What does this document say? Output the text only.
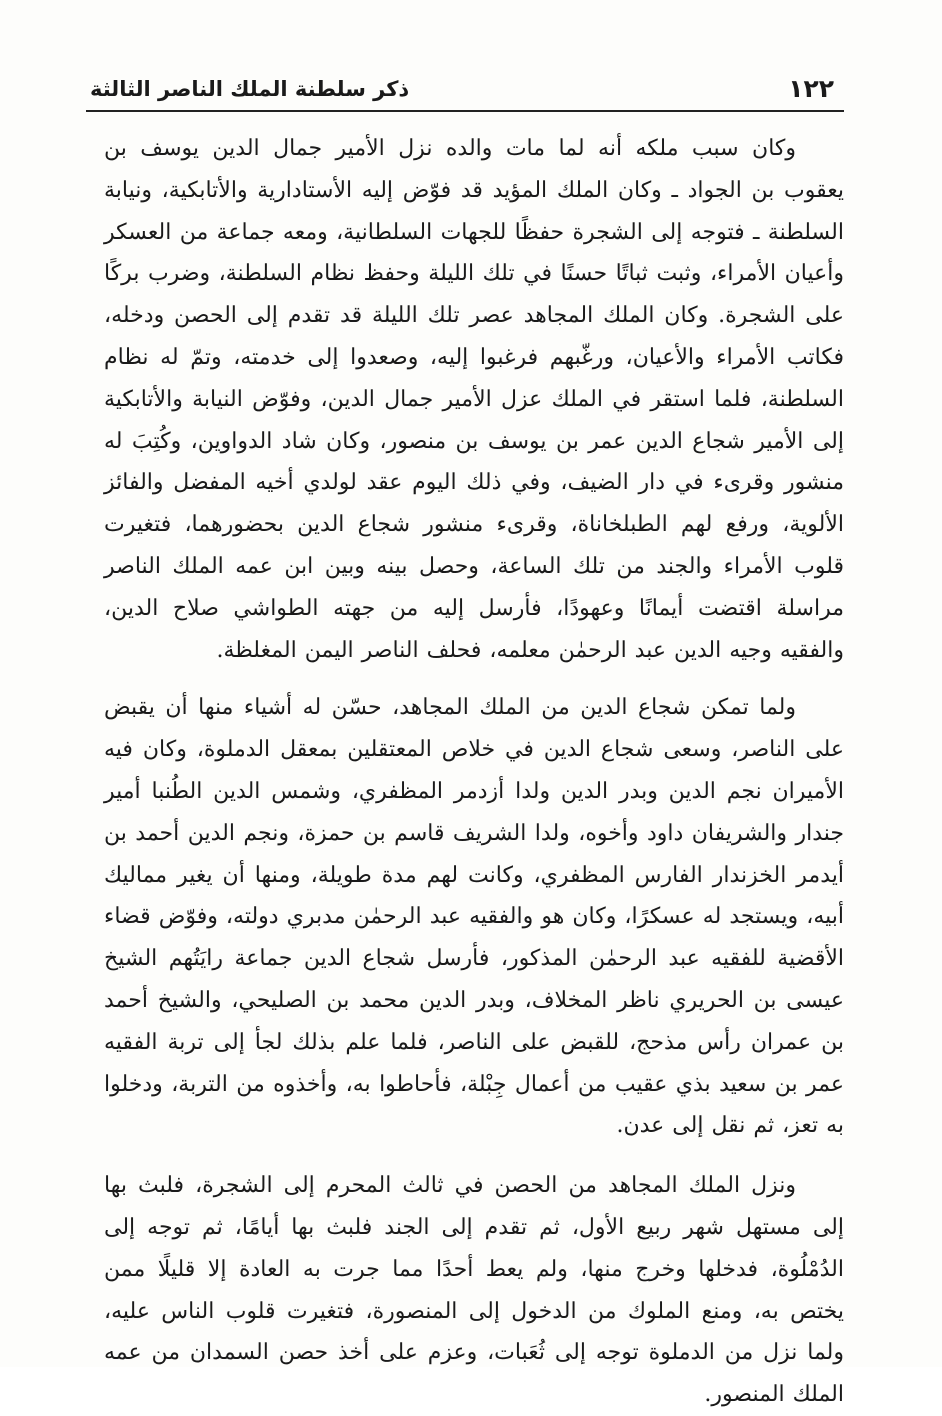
١٢٢
ذكر سلطنة الملك الناصر الثالثة

وكان سبب ملكه أنه لما مات والده نزل الأمير جمال الدين يوسف بن يعقوب بن الجواد ـ وكان الملك المؤيد قد فوّض إليه الأستادارية والأتابكية، ونيابة السلطنة ـ فتوجه إلى الشجرة حفظًا للجهات السلطانية، ومعه جماعة من العسكر وأعيان الأمراء، وثبت ثباتًا حسنًا في تلك الليلة وحفظ نظام السلطنة، وضرب بركًا على الشجرة. وكان الملك المجاهد عصر تلك الليلة قد تقدم إلى الحصن ودخله، فكاتب الأمراء والأعيان، ورغّبهم فرغبوا إليه، وصعدوا إلى خدمته، وتمّ له نظام السلطنة، فلما استقر في الملك عزل الأمير جمال الدين، وفوّض النيابة والأتابكية إلى الأمير شجاع الدين عمر بن يوسف بن منصور، وكان شاد الدواوين، وكُتِبَ له منشور وقرىء في دار الضيف، وفي ذلك اليوم عقد لولدي أخيه المفضل والفائز الألوية، ورفع لهم الطبلخاناة، وقرىء منشور شجاع الدين بحضورهما، فتغيرت قلوب الأمراء والجند من تلك الساعة، وحصل بينه وبين ابن عمه الملك الناصر مراسلة اقتضت أيمانًا وعهودًا، فأرسل إليه من جهته الطواشي صلاح الدين، والفقيه وجيه الدين عبد الرحمٰن معلمه، فحلف الناصر اليمن المغلظة.

ولما تمكن شجاع الدين من الملك المجاهد، حسّن له أشياء منها أن يقبض على الناصر، وسعى شجاع الدين في خلاص المعتقلين بمعقل الدملوة، وكان فيه الأميران نجم الدين وبدر الدين ولدا أزدمر المظفري، وشمس الدين الطُنبا أمير جندار والشريفان داود وأخوه، ولدا الشريف قاسم بن حمزة، ونجم الدين أحمد بن أيدمر الخزندار الفارس المظفري، وكانت لهم مدة طويلة، ومنها أن يغير مماليك أبيه، ويستجد له عسكرًا، وكان هو والفقيه عبد الرحمٰن مدبري دولته، وفوّض قضاء الأقضية للفقيه عبد الرحمٰن المذكور، فأرسل شجاع الدين جماعة رايَتُهم الشيخ عيسى بن الحريري ناظر المخلاف، وبدر الدين محمد بن الصليحي، والشيخ أحمد بن عمران رأس مذحج، للقبض على الناصر، فلما علم بذلك لجأ إلى تربة الفقيه عمر بن سعيد بذي عقيب من أعمال جِبْلة، فأحاطوا به، وأخذوه من التربة، ودخلوا به تعز، ثم نقل إلى عدن.

ونزل الملك المجاهد من الحصن في ثالث المحرم إلى الشجرة، فلبث بها إلى مستهل شهر ربيع الأول، ثم تقدم إلى الجند فلبث بها أيامًا، ثم توجه إلى الدُمْلُوة، فدخلها وخرج منها، ولم يعط أحدًا مما جرت به العادة إلا قليلًا ممن يختص به، ومنع الملوك من الدخول إلى المنصورة، فتغيرت قلوب الناس عليه، ولما نزل من الدملوة توجه إلى ثُعَبات، وعزم على أخذ حصن السمدان من عمه الملك المنصور.
